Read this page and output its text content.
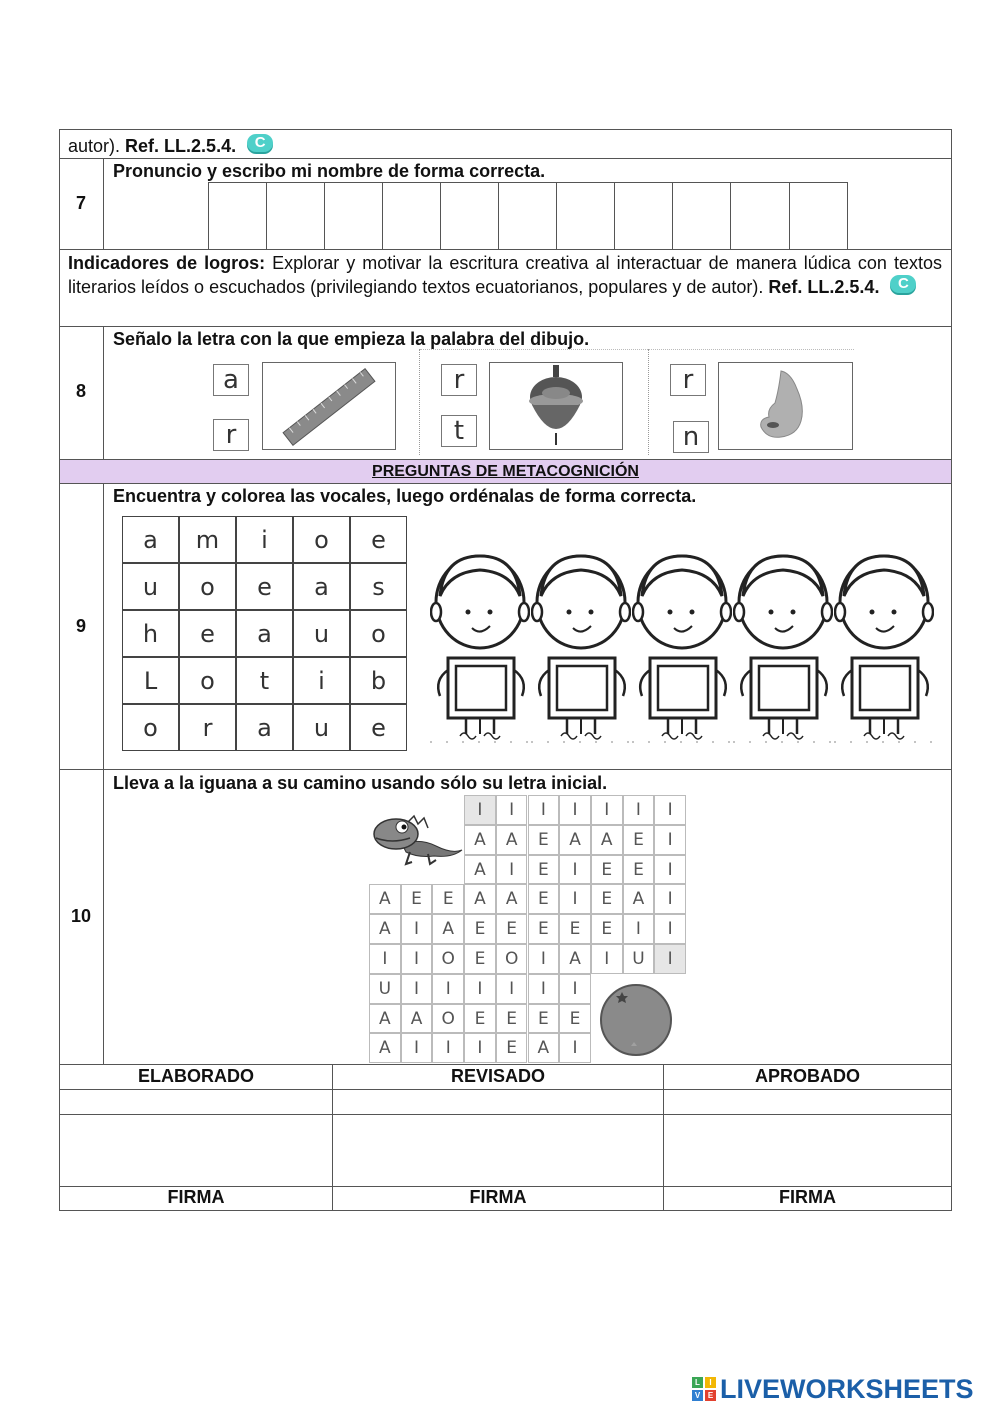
autor). Ref. LL.2.5.4. C
7
Pronuncio y escribo mi nombre de forma correcta.
Indicadores de logros: Explorar y motivar la escritura creativa al interactuar de manera lúdica con textos literarios leídos o escuchados (privilegiando textos ecuatorianos, populares y de autor). Ref. LL.2.5.4. C
8
Señalo la letra con la que empieza la palabra del dibujo.
a
r
r
t
r
n
PREGUNTAS DE METACOGNICIÓN
9
Encuentra y colorea las vocales, luego ordénalas de forma correcta.
a	m	i	o	e
u	o	e	a	s
h	e	a	u	o
L	o	t	i	b
o	r	a	u	e
10
Lleva a la iguana a su camino usando sólo su letra inicial.
I	I	I	I	I	I	I
A	A	E	A	A	E	I
A	I	E	I	E	E	I
A	E	E	A	A	E	I	E	A	I
A	I	A	E	E	E	E	E	I	I
I	I	O	E	O	I	A	I	U	I
U	I	I	I	I	I	I
A	A	O	E	E	E	E
A	I	I	I	E	A	I
ELABORADO	REVISADO	APROBADO
FIRMA	FIRMA	FIRMA
L	I
V E LIVEWORKSHEETS
